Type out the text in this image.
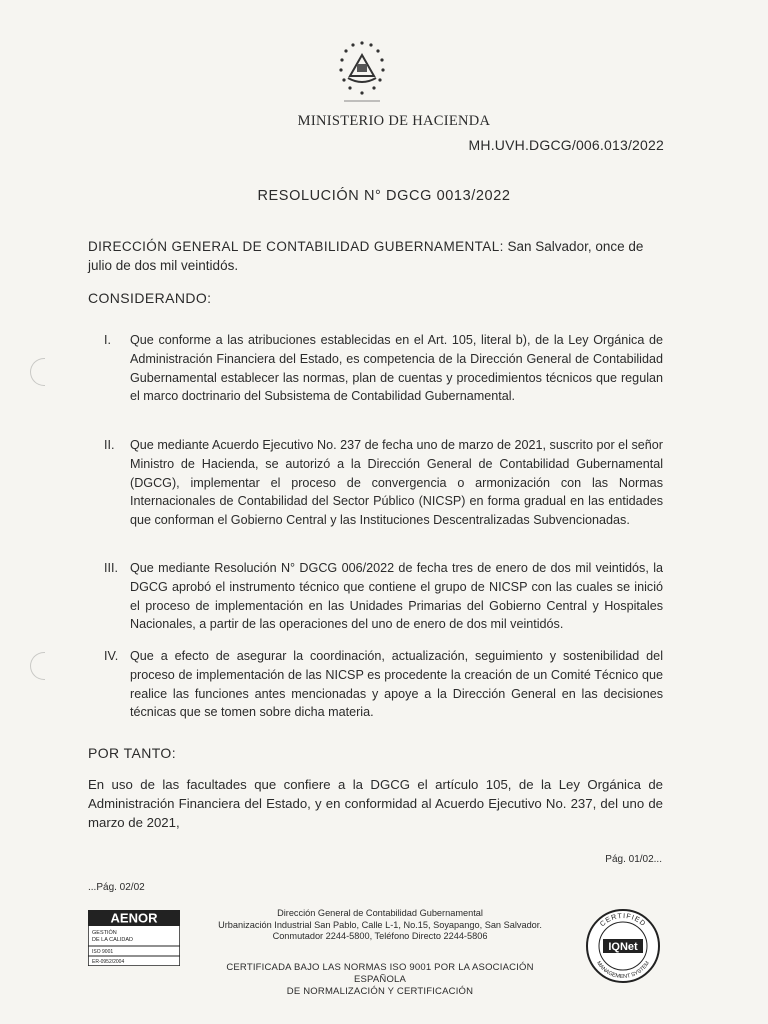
MINISTERIO DE HACIENDA
MH.UVH.DGCG/006.013/2022
RESOLUCIÓN N° DGCG 0013/2022
DIRECCIÓN GENERAL DE CONTABILIDAD GUBERNAMENTAL: San Salvador, once de julio de dos mil veintidós.
CONSIDERANDO:
I.	Que conforme a las atribuciones establecidas en el Art. 105, literal b), de la Ley Orgánica de Administración Financiera del Estado, es competencia de la Dirección General de Contabilidad Gubernamental establecer las normas, plan de cuentas y procedimientos técnicos que regulan el marco doctrinario del Subsistema de Contabilidad Gubernamental.
II. Que mediante Acuerdo Ejecutivo No. 237 de fecha uno de marzo de 2021, suscrito por el señor Ministro de Hacienda, se autorizó a la Dirección General de Contabilidad Gubernamental (DGCG), implementar el proceso de convergencia o armonización con las Normas Internacionales de Contabilidad del Sector Público (NICSP) en forma gradual en las entidades que conforman el Gobierno Central y las Instituciones Descentralizadas Subvencionadas.
III. Que mediante Resolución N° DGCG 006/2022 de fecha tres de enero de dos mil veintidós, la DGCG aprobó el instrumento técnico que contiene el grupo de NICSP con las cuales se inició el proceso de implementación en las Unidades Primarias del Gobierno Central y Hospitales Nacionales, a partir de las operaciones del uno de enero de dos mil veintidós.
IV. Que a efecto de asegurar la coordinación, actualización, seguimiento y sostenibilidad del proceso de implementación de las NICSP es procedente la creación de un Comité Técnico que realice las funciones antes mencionadas y apoye a la Dirección General en las decisiones técnicas que se tomen sobre dicha materia.
POR TANTO:
En uso de las facultades que confiere a la DGCG el artículo 105, de la Ley Orgánica de Administración Financiera del Estado, y en conformidad al Acuerdo Ejecutivo No. 237, del uno de marzo de 2021,
Pág. 01/02...
...Pág. 02/02
AENOR
GESTIÓN
DE LA CALIDAD
ISO 9001
ER-0952/2004
Dirección General de Contabilidad Gubernamental
Urbanización Industrial San Pablo, Calle L-1, No.15, Soyapango, San Salvador.
Conmutador 2244-5800, Teléfono Directo 2244-5806
CERTIFICADA BAJO LAS NORMAS ISO 9001 POR LA ASOCIACIÓN ESPAÑOLA
DE NORMALIZACIÓN Y CERTIFICACIÓN
CERTIFIED
MANAGEMENT SYSTEM
IQNet
